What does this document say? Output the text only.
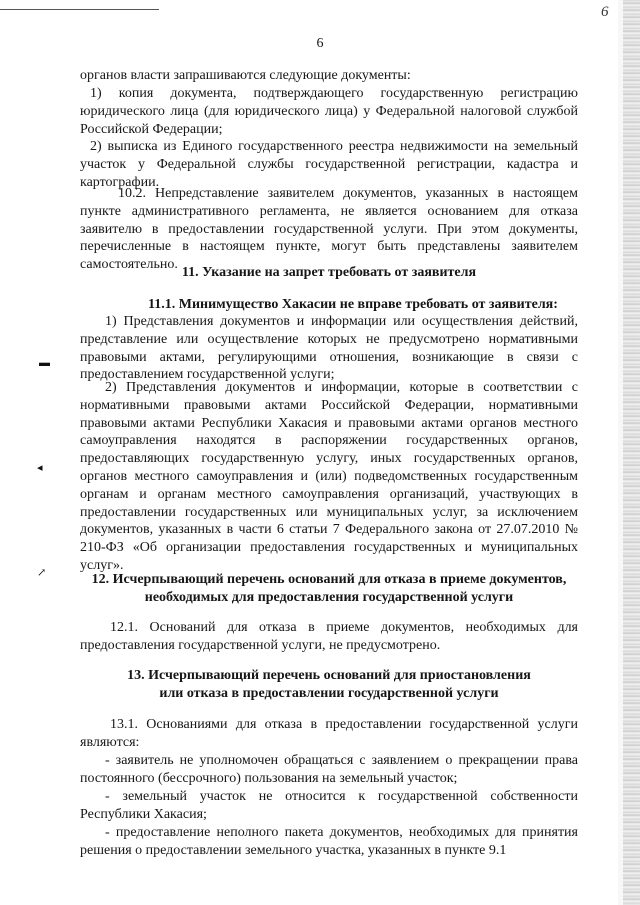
6
6
▬
◂
↗

органов власти запрашиваются следующие документы:

1) копия документа, подтверждающего государственную регистрацию юридического лица (для юридического лица) у Федеральной налоговой службой Российской Федерации;

2) выписка из Единого государственного реестра недвижимости на земельный участок у Федеральной службы государственной регистрации, кадастра и картографии.

10.2. Непредставление заявителем документов, указанных в настоящем пункте административного регламента, не является основанием для отказа заявителю в предоставлении государственной услуги. При этом документы, перечисленные в настоящем пункте, могут быть представлены заявителем самостоятельно.

11. Указание на запрет требовать от заявителя
11.1. Минимущество Хакасии не вправе требовать от заявителя:

1) Представления документов и информации или осуществления действий, представление или осуществление которых не предусмотрено нормативными правовыми актами, регулирующими отношения, возникающие в связи с предоставлением государственной услуги;

2) Представления документов и информации, которые в соответствии с нормативными правовыми актами Российской Федерации, нормативными правовыми актами Республики Хакасия и правовыми актами органов местного самоуправления находятся в распоряжении государственных органов, предоставляющих государственную услугу, иных государственных органов, органов местного самоуправления и (или) подведомственных государственным органам и органам местного самоуправления организаций, участвующих в предоставлении государственных или муниципальных услуг, за исключением документов, указанных в части 6 статьи 7 Федерального закона от 27.07.2010 № 210-ФЗ «Об организации предоставления государственных и муниципальных услуг».

12. Исчерпывающий перечень оснований для отказа в приеме документов,
необходимых для предоставления государственной услуги

12.1. Оснований для отказа в приеме документов, необходимых для предоставления государственной услуги, не предусмотрено.

13. Исчерпывающий перечень оснований для приостановления
или отказа в предоставлении государственной услуги

13.1. Основаниями для отказа в предоставлении государственной услуги являются:

- заявитель не уполномочен обращаться с заявлением о прекращении права постоянного (бессрочного) пользования на земельный участок;

- земельный участок не относится к государственной собственности Республики Хакасия;

- предоставление неполного пакета документов, необходимых для принятия решения о предоставлении земельного участка, указанных в пункте 9.1
